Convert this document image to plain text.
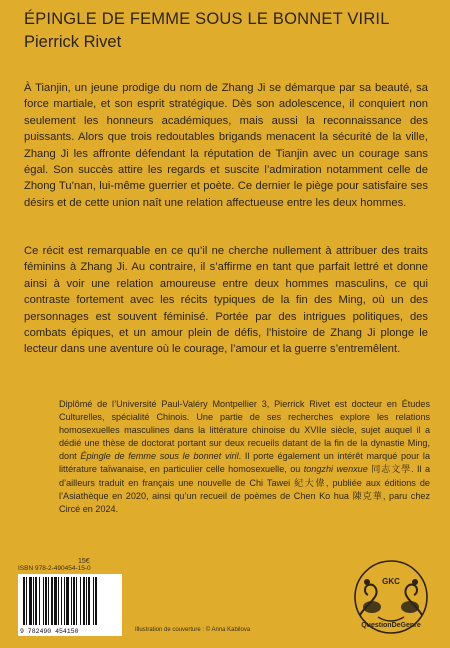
ÉPINGLE DE FEMME SOUS LE BONNET VIRIL
Pierrick Rivet
À Tianjin, un jeune prodige du nom de Zhang Ji se démarque par sa beauté, sa force martiale, et son esprit stratégique. Dès son adolescence, il conquiert non seulement les honneurs académiques, mais aussi la reconnaissance des puissants. Alors que trois redoutables brigands menacent la sécurité de la ville, Zhang Ji les affronte défendant la réputation de Tianjin avec un courage sans égal. Son succès attire les regards et suscite l’admiration notamment celle de Zhong Tu’nan, lui-même guerrier et poète. Ce dernier le piège pour satisfaire ses désirs et de cette union naît une relation affectueuse entre les deux hommes.
Ce récit est remarquable en ce qu’il ne cherche nullement à attribuer des traits féminins à Zhang Ji. Au contraire, il s’affirme en tant que parfait lettré et donne ainsi à voir une relation amoureuse entre deux hommes masculins, ce qui contraste fortement avec les récits typiques de la fin des Ming, où un des personnages est souvent féminisé. Portée par des intrigues politiques, des combats épiques, et un amour plein de défis, l’histoire de Zhang Ji plonge le lecteur dans une aventure où le courage, l’amour et la guerre s’entremêlent.
Diplômé de l’Université Paul-Valéry Montpellier 3, Pierrick Rivet est docteur en Études Culturelles, spécialité Chinois. Une partie de ses recherches explore les relations homosexuelles masculines dans la littérature chinoise du XVIIe siècle, sujet auquel il a dédié une thèse de doctorat portant sur deux recueils datant de la fin de la dynastie Ming, dont Épingle de femme sous le bonnet viril. Il porte également un intérêt marqué pour la littérature taïwanaise, en particulier celle homosexuelle, ou tongzhi wenxue 同志文學. Il a d’ailleurs traduit en français une nouvelle de Chi Tawei 紀大偉, publiée aux éditions de l’Asiathèque en 2020, ainsi qu’un recueil de poèmes de Chen Ko hua 陳克華, paru chez Circé en 2024.
15€
ISBN 978-2-490454-15-0
9 782490 454150	Illustration de couverture : © Anna Kabilova
GKC
QuestionDeGenre
